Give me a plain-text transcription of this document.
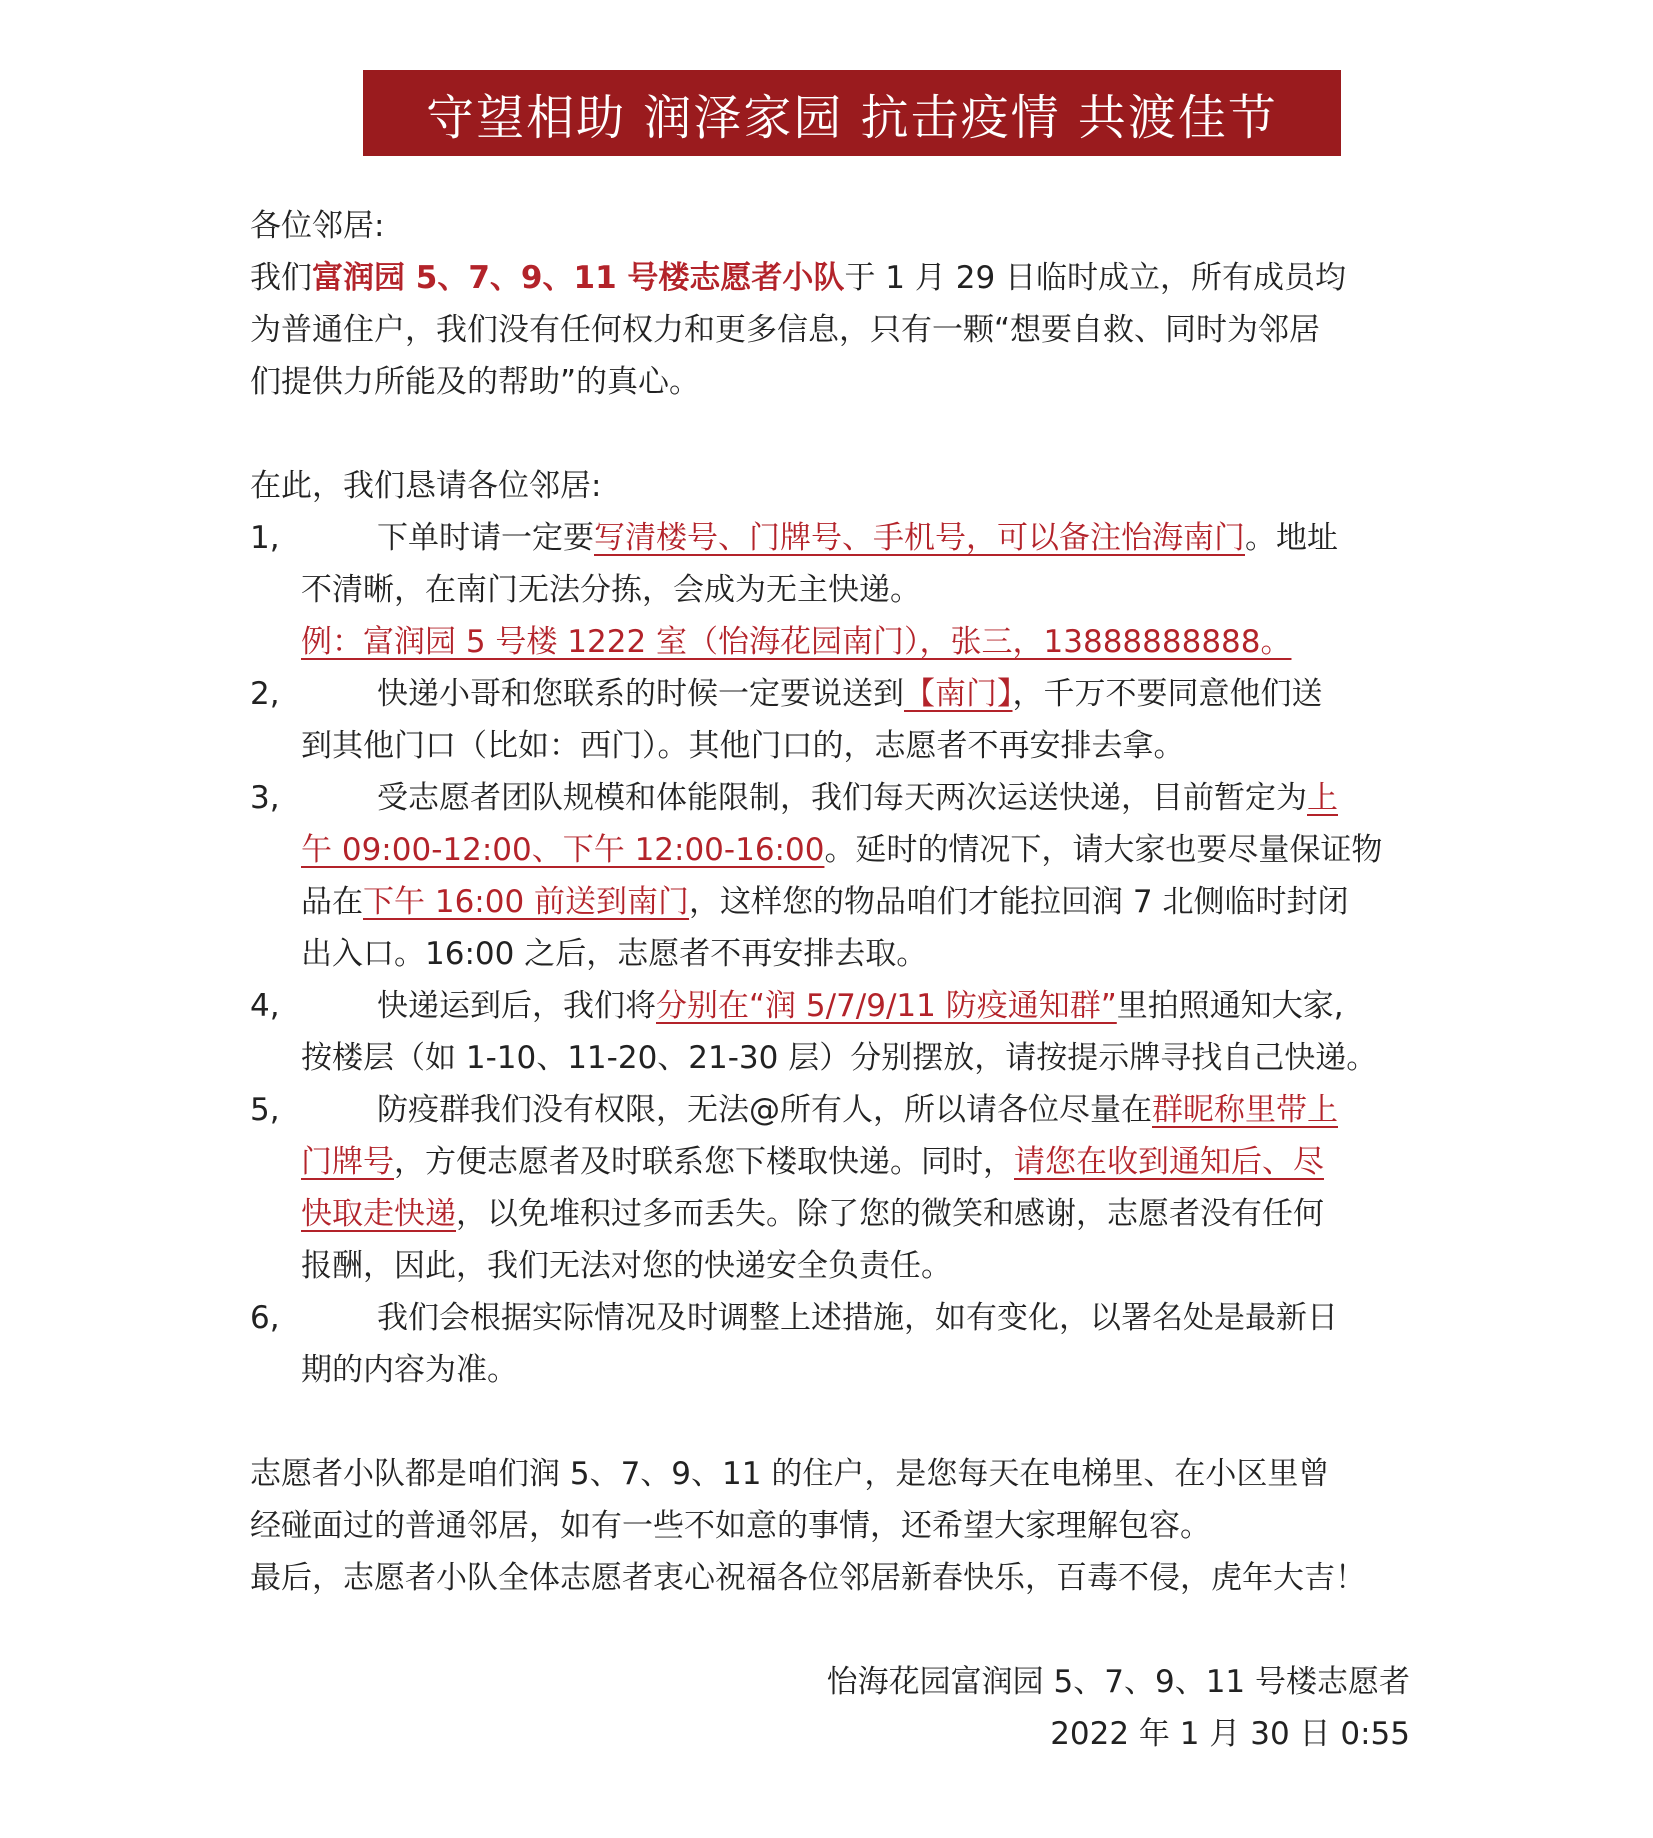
守望相助 润泽家园 抗击疫情 共渡佳节
各位邻居:
我们富润园 5、7、9、11 号楼志愿者小队于 1 月 29 日临时成立，所有成员均
为普通住户，我们没有任何权力和更多信息，只有一颗“想要自救、同时为邻居
们提供力所能及的帮助”的真心。
在此，我们恳请各位邻居:
1,	下单时请一定要写清楼号、门牌号、手机号，可以备注怡海南门。地址
不清晰，在南门无法分拣，会成为无主快递。
例：富润园 5 号楼 1222 室（怡海花园南门），张三，13888888888。
2,	快递小哥和您联系的时候一定要说送到【南门】，千万不要同意他们送
到其他门口（比如：西门）。其他门口的，志愿者不再安排去拿。
3,	受志愿者团队规模和体能限制，我们每天两次运送快递，目前暂定为上
午 09:00-12:00、下午 12:00-16:00。延时的情况下，请大家也要尽量保证物
品在下午 16:00 前送到南门，这样您的物品咱们才能拉回润 7 北侧临时封闭
出入口。16:00 之后，志愿者不再安排去取。
4,	快递运到后，我们将分别在“润 5/7/9/11 防疫通知群”里拍照通知大家,
按楼层（如 1-10、11-20、21-30 层）分别摆放，请按提示牌寻找自己快递。
5,	防疫群我们没有权限，无法@所有人，所以请各位尽量在群昵称里带上
门牌号，方便志愿者及时联系您下楼取快递。同时，请您在收到通知后、尽
快取走快递，以免堆积过多而丢失。除了您的微笑和感谢，志愿者没有任何
报酬，因此，我们无法对您的快递安全负责任。
6,	我们会根据实际情况及时调整上述措施，如有变化，以署名处是最新日
期的内容为准。
志愿者小队都是咱们润 5、7、9、11 的住户，是您每天在电梯里、在小区里曾
经碰面过的普通邻居，如有一些不如意的事情，还希望大家理解包容。
最后，志愿者小队全体志愿者衷心祝福各位邻居新春快乐，百毒不侵，虎年大吉！
怡海花园富润园 5、7、9、11 号楼志愿者
2022 年 1 月 30 日 0:55
